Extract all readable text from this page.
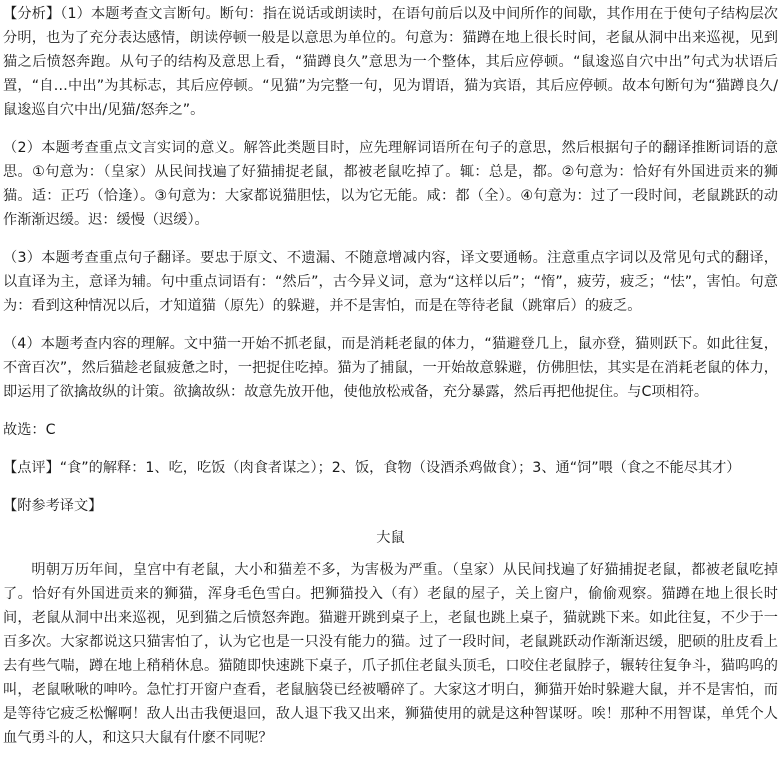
【分析】（1）本题考查文言断句。断句：指在说话或朗读时，在语句前后以及中间所作的间歇，其作用在于使句子结构层次分明，也为了充分表达感情，朗读停顿一般是以意思为单位的。句意为：猫蹲在地上很长时间，老鼠从洞中出来巡视，见到猫之后愤怒奔跑。从句子的结构及意思上看，“猫蹲良久”意思为一个整体，其后应停顿。“鼠逡巡自穴中出”句式为状语后置，“自…中出”为其标志，其后应停顿。“见猫”为完整一句，见为谓语，猫为宾语，其后应停顿。故本句断句为“猫蹲良久/鼠逡巡自穴中出/见猫/怒奔之”。

（2）本题考查重点文言实词的意义。解答此类题目时，应先理解词语所在句子的意思，然后根据句子的翻译推断词语的意思。①句意为：（皇家）从民间找遍了好猫捕捉老鼠，都被老鼠吃掉了。辄：总是，都。②句意为：恰好有外国进贡来的狮猫。适：正巧（恰逢）。③句意为：大家都说猫胆怯，以为它无能。咸：都（全）。④句意为：过了一段时间，老鼠跳跃的动作渐渐迟缓。迟：缓慢（迟缓）。

（3）本题考查重点句子翻译。要忠于原文、不遗漏、不随意增减内容，译文要通畅。注意重点字词以及常见句式的翻译，以直译为主，意译为辅。句中重点词语有：“然后”，古今异义词，意为“这样以后”；“惰”，疲劳，疲乏；“怯”，害怕。句意为：看到这种情况以后，才知道猫（原先）的躲避，并不是害怕，而是在等待老鼠（跳窜后）的疲乏。

（4）本题考查内容的理解。文中猫一开始不抓老鼠，而是消耗老鼠的体力，“猫避登几上，鼠亦登，猫则跃下。如此往复，不啻百次”，然后猫趁老鼠疲惫之时，一把捉住吃掉。猫为了捕鼠，一开始故意躲避，仿佛胆怯，其实是在消耗老鼠的体力，即运用了欲擒故纵的计策。欲擒故纵：故意先放开他，使他放松戒备，充分暴露，然后再把他捉住。与C项相符。

故选：C

【点评】“食”的解释：1、吃，吃饭（肉食者谋之）；2、饭，食物（设酒杀鸡做食）；3、通“饲”喂（食之不能尽其才）

【附参考译文】

大鼠

明朝万历年间，皇宫中有老鼠，大小和猫差不多，为害极为严重。（皇家）从民间找遍了好猫捕捉老鼠，都被老鼠吃掉了。恰好有外国进贡来的狮猫，浑身毛色雪白。把狮猫投入（有）老鼠的屋子，关上窗户，偷偷观察。猫蹲在地上很长时间，老鼠从洞中出来巡视，见到猫之后愤怒奔跑。猫避开跳到桌子上，老鼠也跳上桌子，猫就跳下来。如此往复，不少于一百多次。大家都说这只猫害怕了，认为它也是一只没有能力的猫。过了一段时间，老鼠跳跃动作渐渐迟缓，肥硕的肚皮看上去有些气喘，蹲在地上稍稍休息。猫随即快速跳下桌子，爪子抓住老鼠头顶毛，口咬住老鼠脖子，辗转往复争斗，猫呜呜的叫，老鼠啾啾的呻吟。急忙打开窗户查看，老鼠脑袋已经被嚼碎了。大家这才明白，狮猫开始时躲避大鼠，并不是害怕，而是等待它疲乏松懈啊！敌人出击我便退回，敌人退下我又出来，狮猫使用的就是这种智谋呀。唉！那种不用智谋，单凭个人血气勇斗的人，和这只大鼠有什麽不同呢？
